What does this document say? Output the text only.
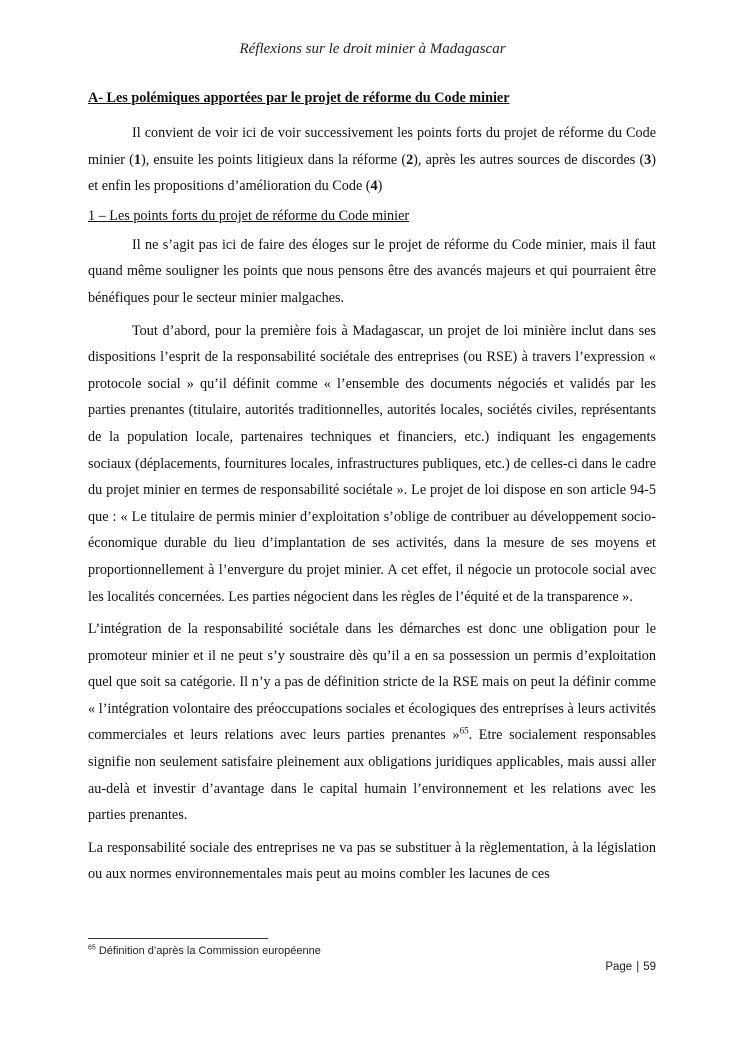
Réflexions sur le droit minier à Madagascar
A- Les polémiques apportées par le projet de réforme du Code minier

Il convient de voir ici de voir successivement les points forts du projet de réforme du Code minier (1), ensuite les points litigieux dans la réforme (2), après les autres sources de discordes (3) et enfin les propositions d’amélioration du Code (4)

1 – Les points forts du projet de réforme du Code minier

Il ne s’agit pas ici de faire des éloges sur le projet de réforme du Code minier, mais il faut quand même souligner les points que nous pensons être des avancés majeurs et qui pourraient être bénéfiques pour le secteur minier malgaches.

Tout d’abord, pour la première fois à Madagascar, un projet de loi minière inclut dans ses dispositions l’esprit de la responsabilité sociétale des entreprises (ou RSE) à travers l’expression « protocole social » qu’il définit comme « l’ensemble des documents négociés et validés par les parties prenantes (titulaire, autorités traditionnelles, autorités locales, sociétés civiles, représentants de la population locale, partenaires techniques et financiers, etc.) indiquant les engagements sociaux (déplacements, fournitures locales, infrastructures publiques, etc.) de celles-ci dans le cadre du projet minier en termes de responsabilité sociétale ». Le projet de loi dispose en son article 94-5 que : « Le titulaire de permis minier d’exploitation s’oblige de contribuer au développement socio-économique durable du lieu d’implantation de ses activités, dans la mesure de ses moyens et proportionnellement à l’envergure du projet minier. A cet effet, il négocie un protocole social avec les localités concernées. Les parties négocient dans les règles de l’équité et de la transparence ».

L’intégration de la responsabilité sociétale dans les démarches est donc une obligation pour le promoteur minier et il ne peut s’y soustraire dès qu’il a en sa possession un permis d’exploitation quel que soit sa catégorie. Il n’y a pas de définition stricte de la RSE mais on peut la définir comme « l’intégration volontaire des préoccupations sociales et écologiques des entreprises à leurs activités commerciales et leurs relations avec leurs parties prenantes »$^{65}$. Etre socialement responsables signifie non seulement satisfaire pleinement aux obligations juridiques applicables, mais aussi aller au-delà et investir d’avantage dans le capital humain l’environnement et les relations avec les parties prenantes.

La responsabilité sociale des entreprises ne va pas se substituer à la règlementation, à la législation ou aux normes environnementales mais peut au moins combler les lacunes de ces

$^{65}$ Définition d’après la Commission européenne
Page | 59
